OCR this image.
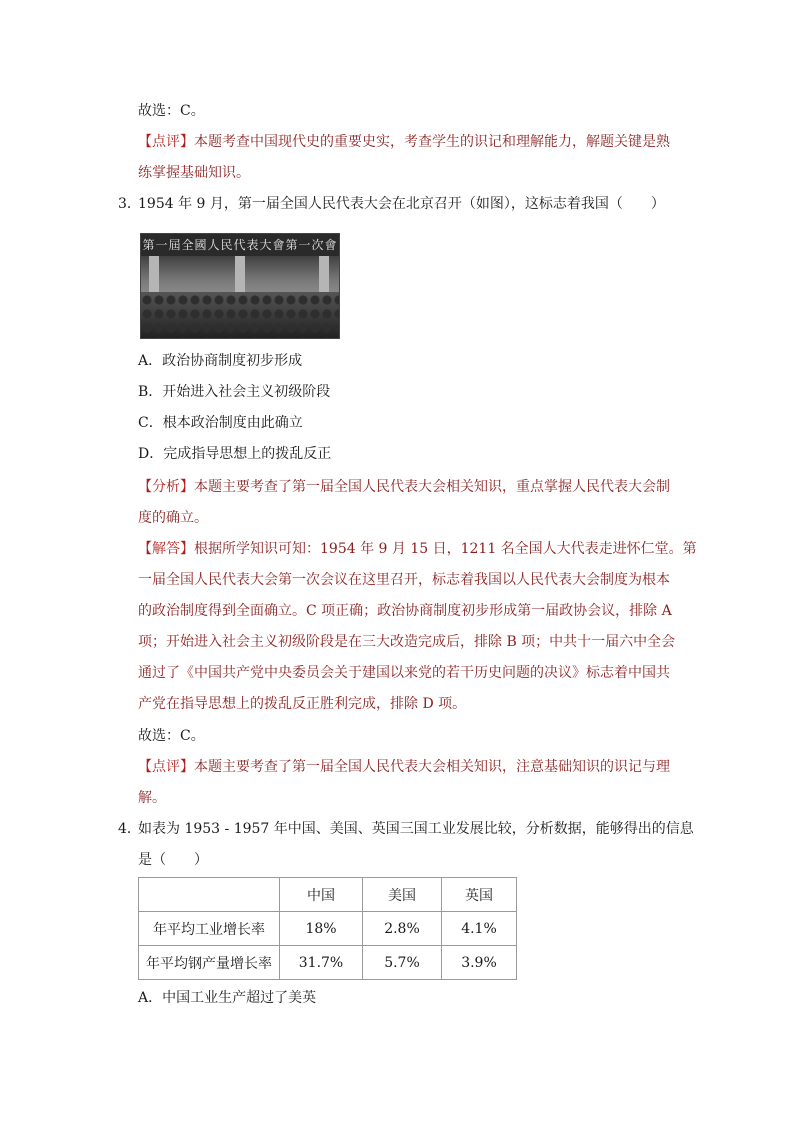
故选：C。
【点评】本题考查中国现代史的重要史实，考查学生的识记和理解能力，解题关键是熟
练掌握基础知识。
3．
1954 年 9 月，第一届全国人民代表大会在北京召开（如图），这标志着我国（　　）
第一屆全國人民代表大會第一次會
A．政治协商制度初步形成
B．开始进入社会主义初级阶段
C．根本政治制度由此确立
D．完成指导思想上的拨乱反正
【分析】本题主要考查了第一届全国人民代表大会相关知识，重点掌握人民代表大会制
度的确立。
【解答】根据所学知识可知：1954 年 9 月 15 日，1211 名全国人大代表走进怀仁堂。第
一届全国人民代表大会第一次会议在这里召开，标志着我国以人民代表大会制度为根本
的政治制度得到全面确立。C 项正确；政治协商制度初步形成第一届政协会议，排除 A
项；开始进入社会主义初级阶段是在三大改造完成后，排除 B 项；中共十一届六中全会
通过了《中国共产党中央委员会关于建国以来党的若干历史问题的决议》标志着中国共
产党在指导思想上的拨乱反正胜利完成，排除 D 项。
故选：C。
【点评】本题主要考查了第一届全国人民代表大会相关知识，注意基础知识的识记与理
解。
4．
如表为 1953 - 1957 年中国、美国、英国三国工业发展比较，分析数据，能够得出的信息
是（　　）
	中国	美国	英国
年平均工业增长率	18%	2.8%	4.1%
年平均钢产量增长率	31.7%	5.7%	3.9%
A．中国工业生产超过了美英
